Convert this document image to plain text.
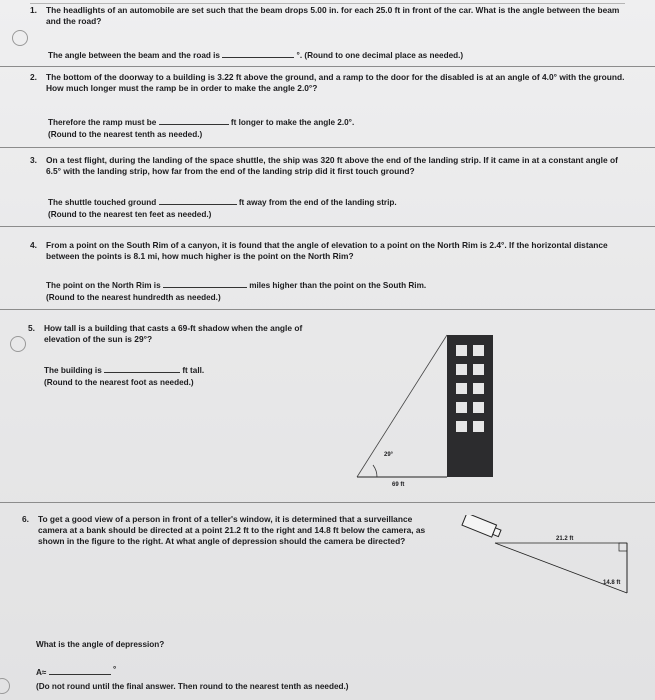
1. The headlights of an automobile are set such that the beam drops 5.00 in. for each 25.0 ft in front of the car. What is the angle between the beam and the road?
The angle between the beam and the road is	°. (Round to one decimal place as needed.)
2. The bottom of the doorway to a building is 3.22 ft above the ground, and a ramp to the door for the disabled is at an angle of 4.0° with the ground. How much longer must the ramp be in order to make the angle 2.0°?
Therefore the ramp must be	ft longer to make the angle 2.0°.
(Round to the nearest tenth as needed.)
3. On a test flight, during the landing of the space shuttle, the ship was 320 ft above the end of the landing strip. If it came in at a constant angle of 6.5° with the landing strip, how far from the end of the landing strip did it first touch ground?
The shuttle touched ground	ft away from the end of the landing strip.
(Round to the nearest ten feet as needed.)
4. From a point on the South Rim of a canyon, it is found that the angle of elevation to a point on the North Rim is 2.4°. If the horizontal distance between the points is 8.1 mi, how much higher is the point on the North Rim?
The point on the North Rim is	miles higher than the point on the South Rim.
(Round to the nearest hundredth as needed.)
5. How tall is a building that casts a 69-ft shadow when the angle of elevation of the sun is 29°?
The building is	ft tall.
(Round to the nearest foot as needed.)
29°
69 ft
6. To get a good view of a person in front of a teller's window, it is determined that a surveillance camera at a bank should be directed at a point 21.2 ft to the right and 14.8 ft below the camera, as shown in the figure to the right. At what angle of depression should the camera be directed?	21.2 ft
14.8 ft
What is the angle of depression?
A≈	°
(Do not round until the final answer. Then round to the nearest tenth as needed.)
